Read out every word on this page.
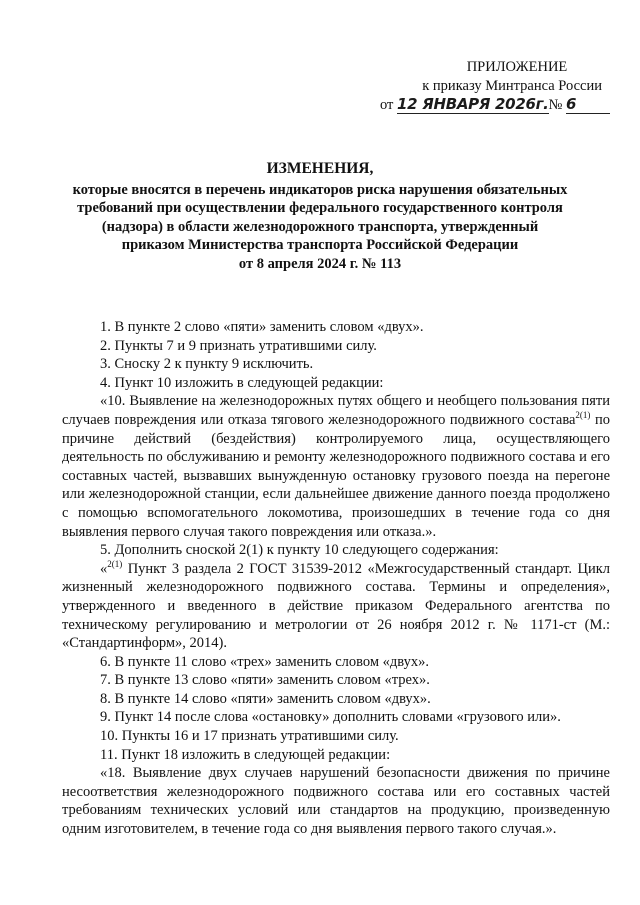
ПРИЛОЖЕНИЕ
к приказу Минтранса России
от 12 ЯНВАРЯ 2026г.№ 6
ИЗМЕНЕНИЯ,
которые вносятся в перечень индикаторов риска нарушения обязательных
требований при осуществлении федерального государственного контроля
(надзора) в области железнодорожного транспорта, утвержденный
приказом Министерства транспорта Российской Федерации
от 8 апреля 2024 г. № 113

1. В пункте 2 слово «пяти» заменить словом «двух».

2. Пункты 7 и 9 признать утратившими силу.

3. Сноску 2 к пункту 9 исключить.

4. Пункт 10 изложить в следующей редакции:

«10. Выявление на железнодорожных путях общего и необщего пользования пяти случаев повреждения или отказа тягового железнодорожного подвижного состава$^{2(1)}$ по причине действий (бездействия) контролируемого лица, осуществляющего деятельность по обслуживанию и ремонту железнодорожного подвижного состава и его составных частей, вызвавших вынужденную остановку грузового поезда на перегоне или железнодорожной станции, если дальнейшее движение данного поезда продолжено с помощью вспомогательного локомотива, произошедших в течение года со дня выявления первого случая такого повреждения или отказа.».

5. Дополнить сноской 2(1) к пункту 10 следующего содержания:

«$^{2(1)}$ Пункт 3 раздела 2 ГОСТ 31539-2012 «Межгосударственный стандарт. Цикл жизненный железнодорожного подвижного состава. Термины и определения», утвержденного и введенного в действие приказом Федерального агентства по техническому регулированию и метрологии от 26 ноября 2012 г. № 1171-ст (М.: «Стандартинформ», 2014).

6. В пункте 11 слово «трех» заменить словом «двух».

7. В пункте 13 слово «пяти» заменить словом «трех».

8. В пункте 14 слово «пяти» заменить словом «двух».

9. Пункт 14 после слова «остановку» дополнить словами «грузового или».

10. Пункты 16 и 17 признать утратившими силу.

11. Пункт 18 изложить в следующей редакции:

«18. Выявление двух случаев нарушений безопасности движения по причине несоответствия железнодорожного подвижного состава или его составных частей требованиям технических условий или стандартов на продукцию, произведенную одним изготовителем, в течение года со дня выявления первого такого случая.».
